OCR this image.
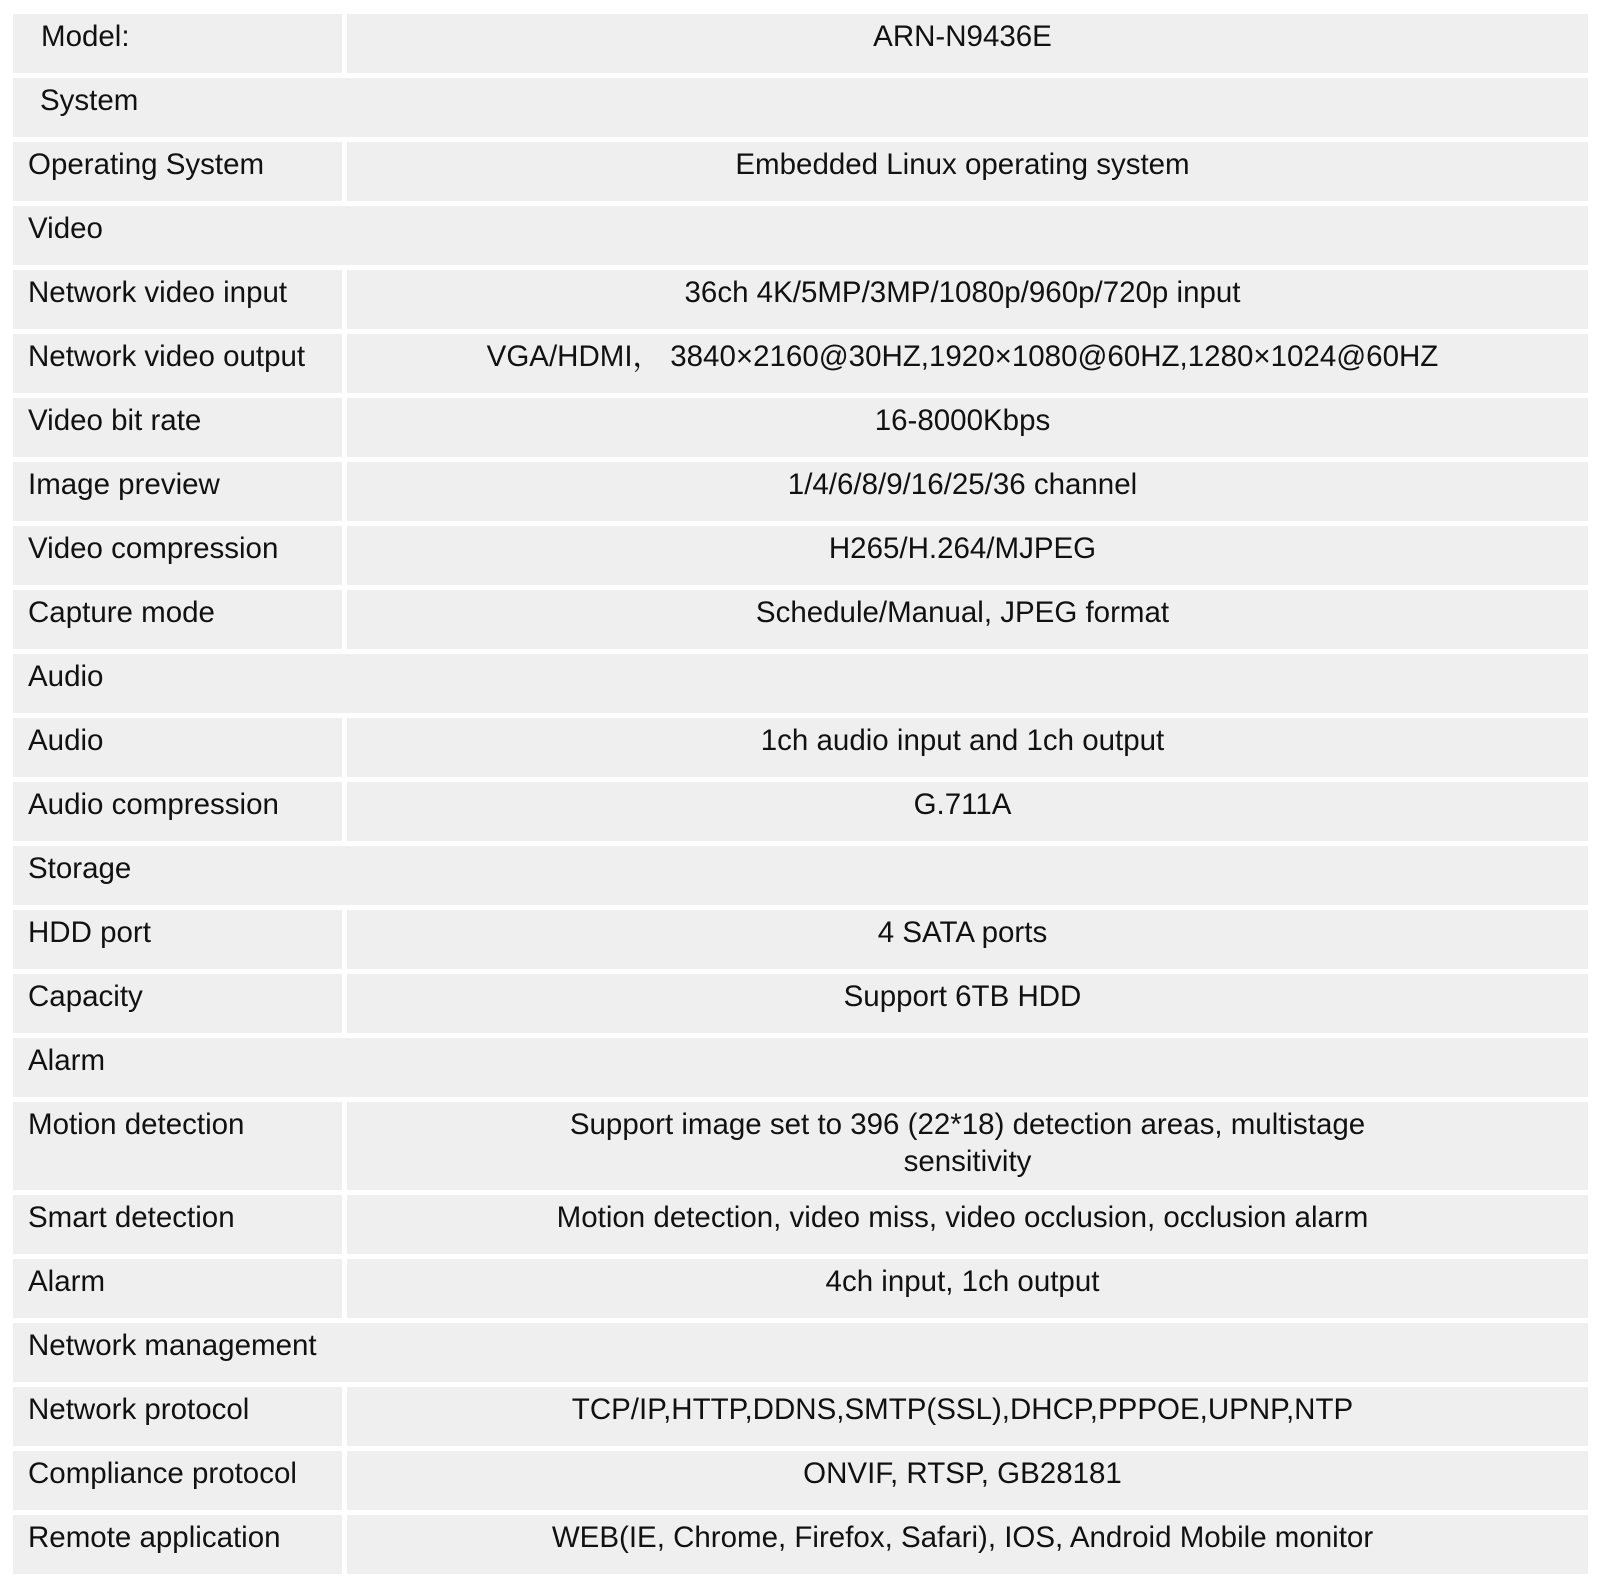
Model:	ARN-N9436E
System
Operating System	Embedded Linux operating system
Video
Network video input	36ch 4K/5MP/3MP/1080p/960p/720p input
Network video output	VGA/HDMI， 3840×2160@30HZ,1920×1080@60HZ,1280×1024@60HZ
Video bit rate	16-8000Kbps
Image preview	1/4/6/8/9/16/25/36 channel
Video compression	H265/H.264/MJPEG
Capture mode	Schedule/Manual, JPEG format
Audio
Audio	1ch audio input and 1ch output
Audio compression	G.711A
Storage
HDD port	4 SATA ports
Capacity	Support 6TB HDD
Alarm
Motion detection	Support image set to 396 (22*18) detection areas, multistage sensitivity
Smart detection	Motion detection, video miss, video occlusion, occlusion alarm
Alarm	4ch input, 1ch output
Network management
Network protocol	TCP/IP,HTTP,DDNS,SMTP(SSL),DHCP,PPPOE,UPNP,NTP
Compliance protocol	ONVIF, RTSP, GB28181
Remote application	WEB(IE, Chrome, Firefox, Safari), IOS, Android Mobile monitor
